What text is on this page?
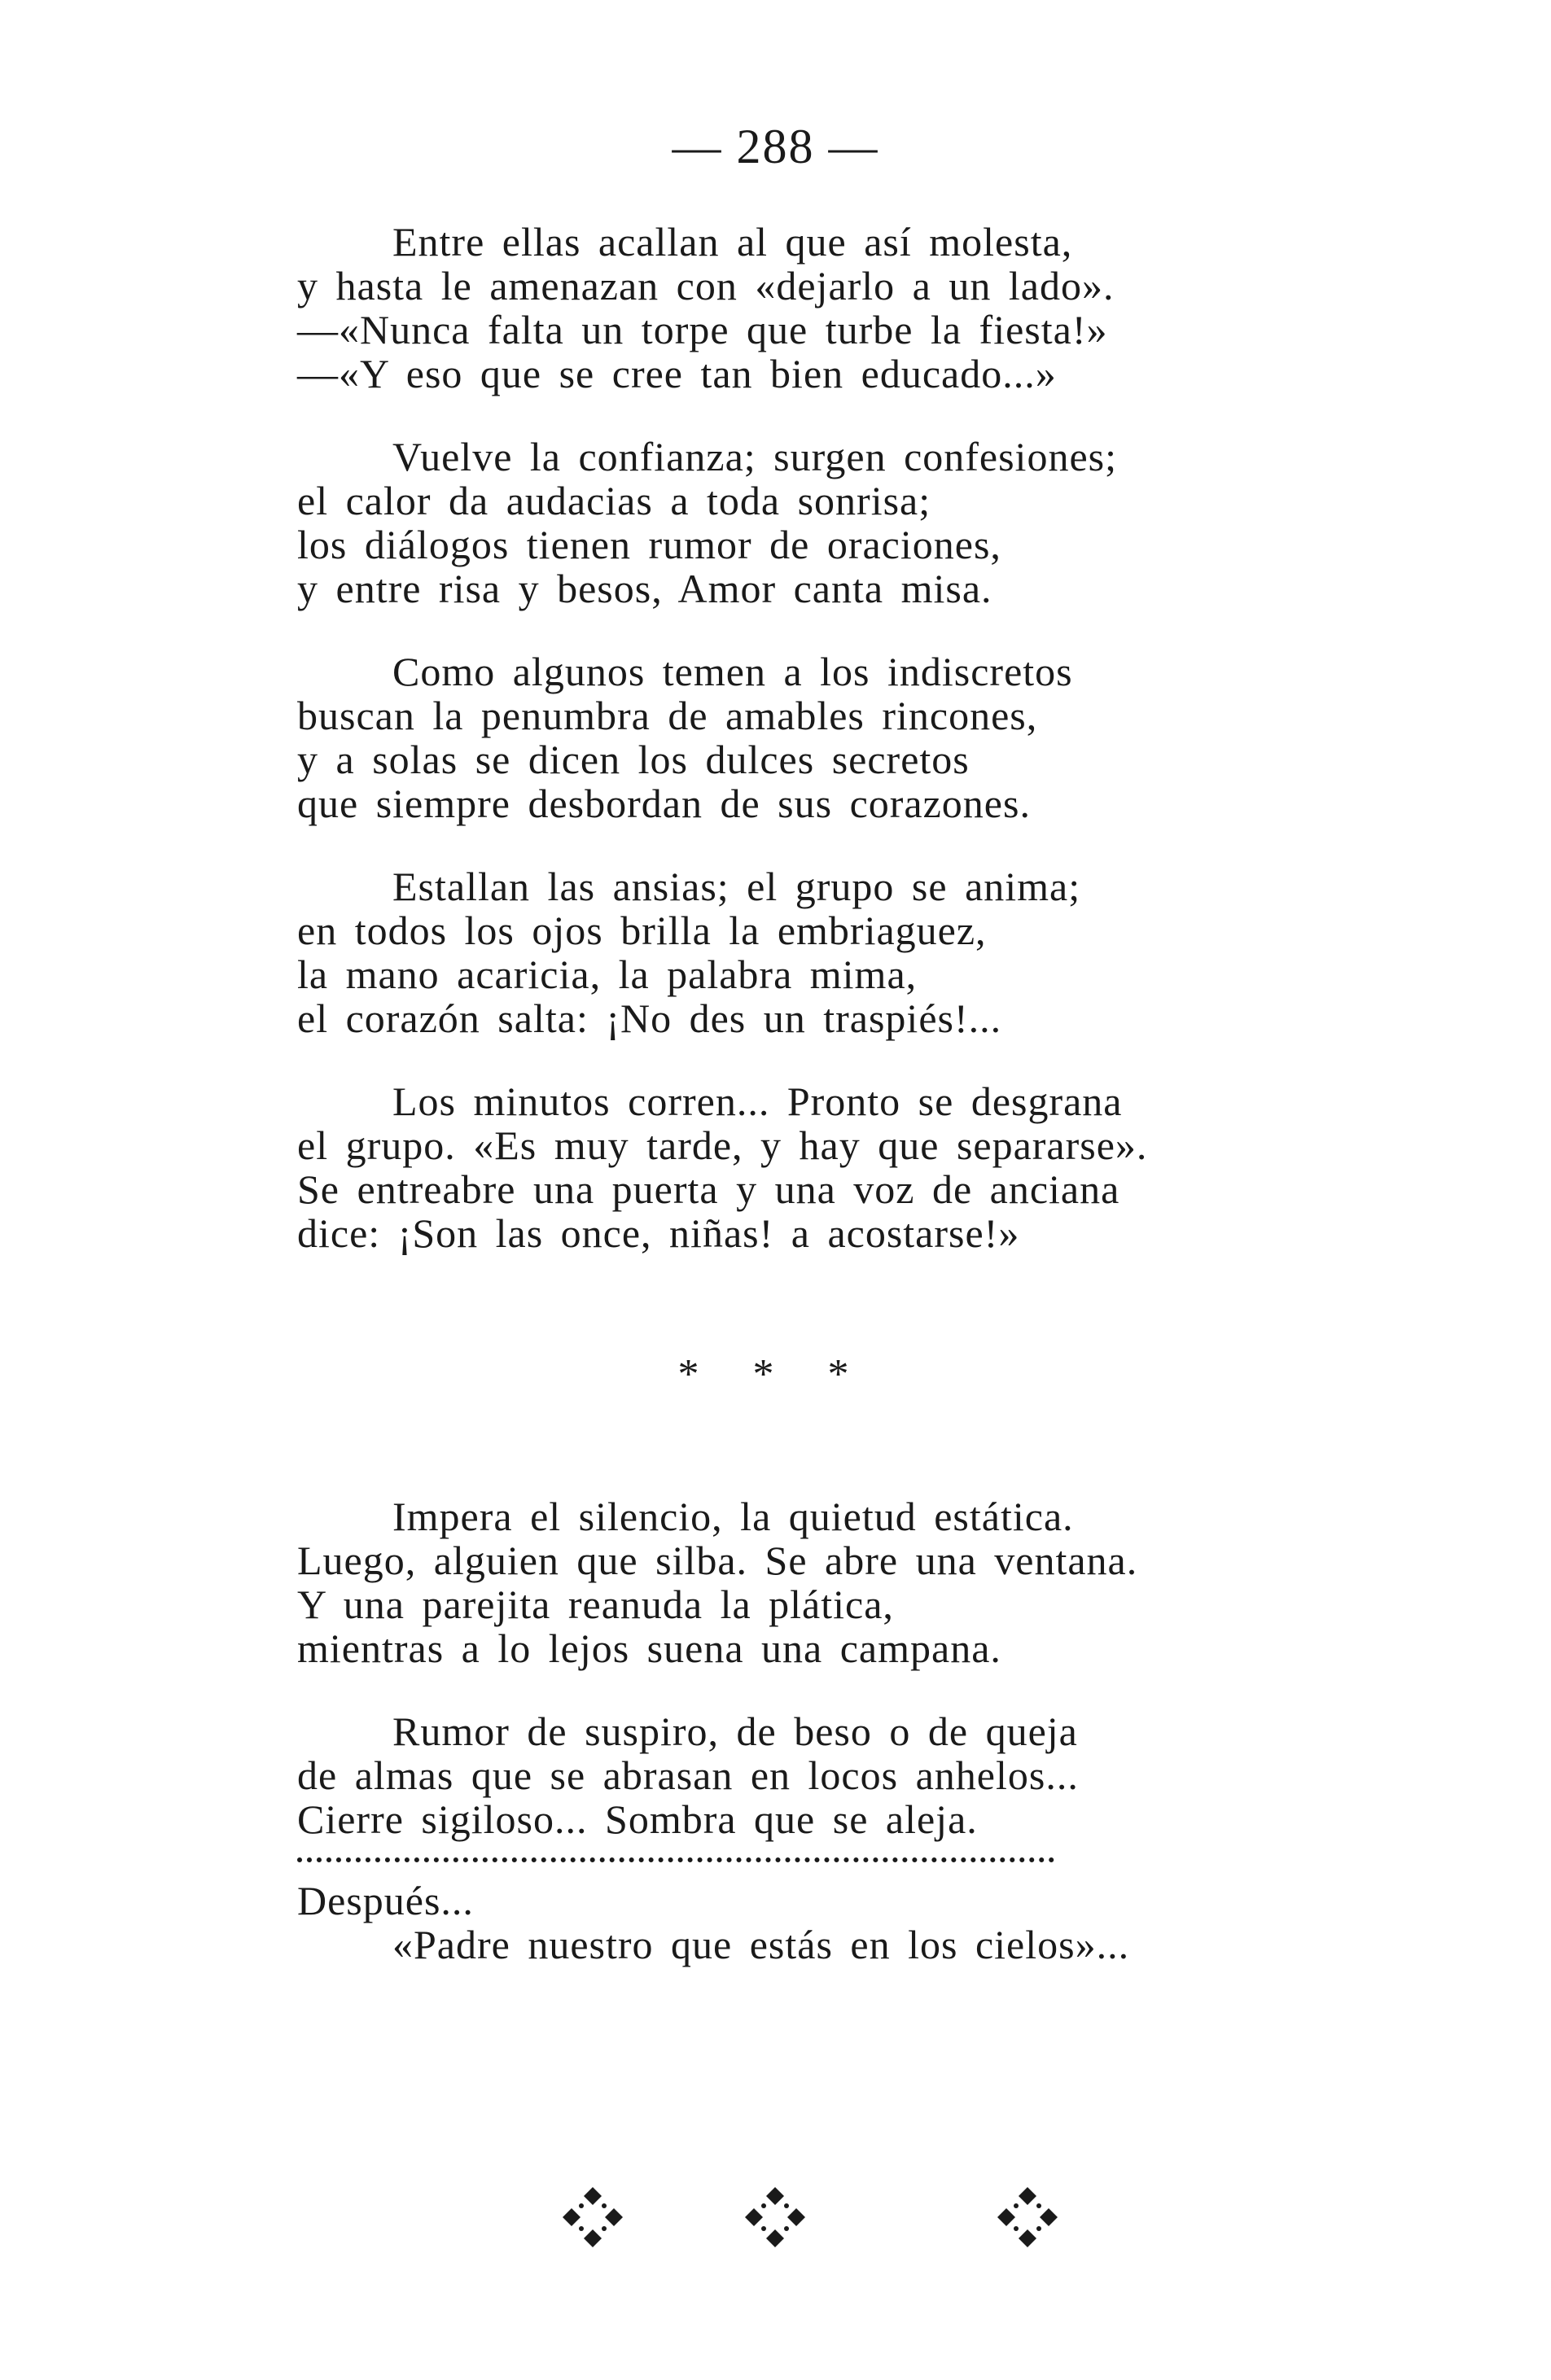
— 288 —
Entre ellas acallan al que así molesta,
y hasta le amenazan con «dejarlo a un lado».
—«Nunca falta un torpe que turbe la fiesta!»
—«Y eso que se cree tan bien educado...»
Vuelve la confianza; surgen confesiones;
el calor da audacias a toda sonrisa;
los diálogos tienen rumor de oraciones,
y entre risa y besos, Amor canta misa.
Como algunos temen a los indiscretos
buscan la penumbra de amables rincones,
y a solas se dicen los dulces secretos
que siempre desbordan de sus corazones.
Estallan las ansias; el grupo se anima;
en todos los ojos brilla la embriaguez,
la mano acaricia, la palabra mima,
el corazón salta: ¡No des un traspiés!...
Los minutos corren... Pronto se desgrana
el grupo. «Es muy tarde, y hay que separarse».
Se entreabre una puerta y una voz de anciana
dice: ¡Son las once, niñas! a acostarse!»
* * *
Impera el silencio, la quietud estática.
Luego, alguien que silba. Se abre una ventana.
Y una parejita reanuda la plática,
mientras a lo lejos suena una campana.
Rumor de suspiro, de beso o de queja
de almas que se abrasan en locos anhelos...
Cierre sigiloso... Sombra que se aleja.
Después...
«Padre nuestro que estás en los cielos»...
